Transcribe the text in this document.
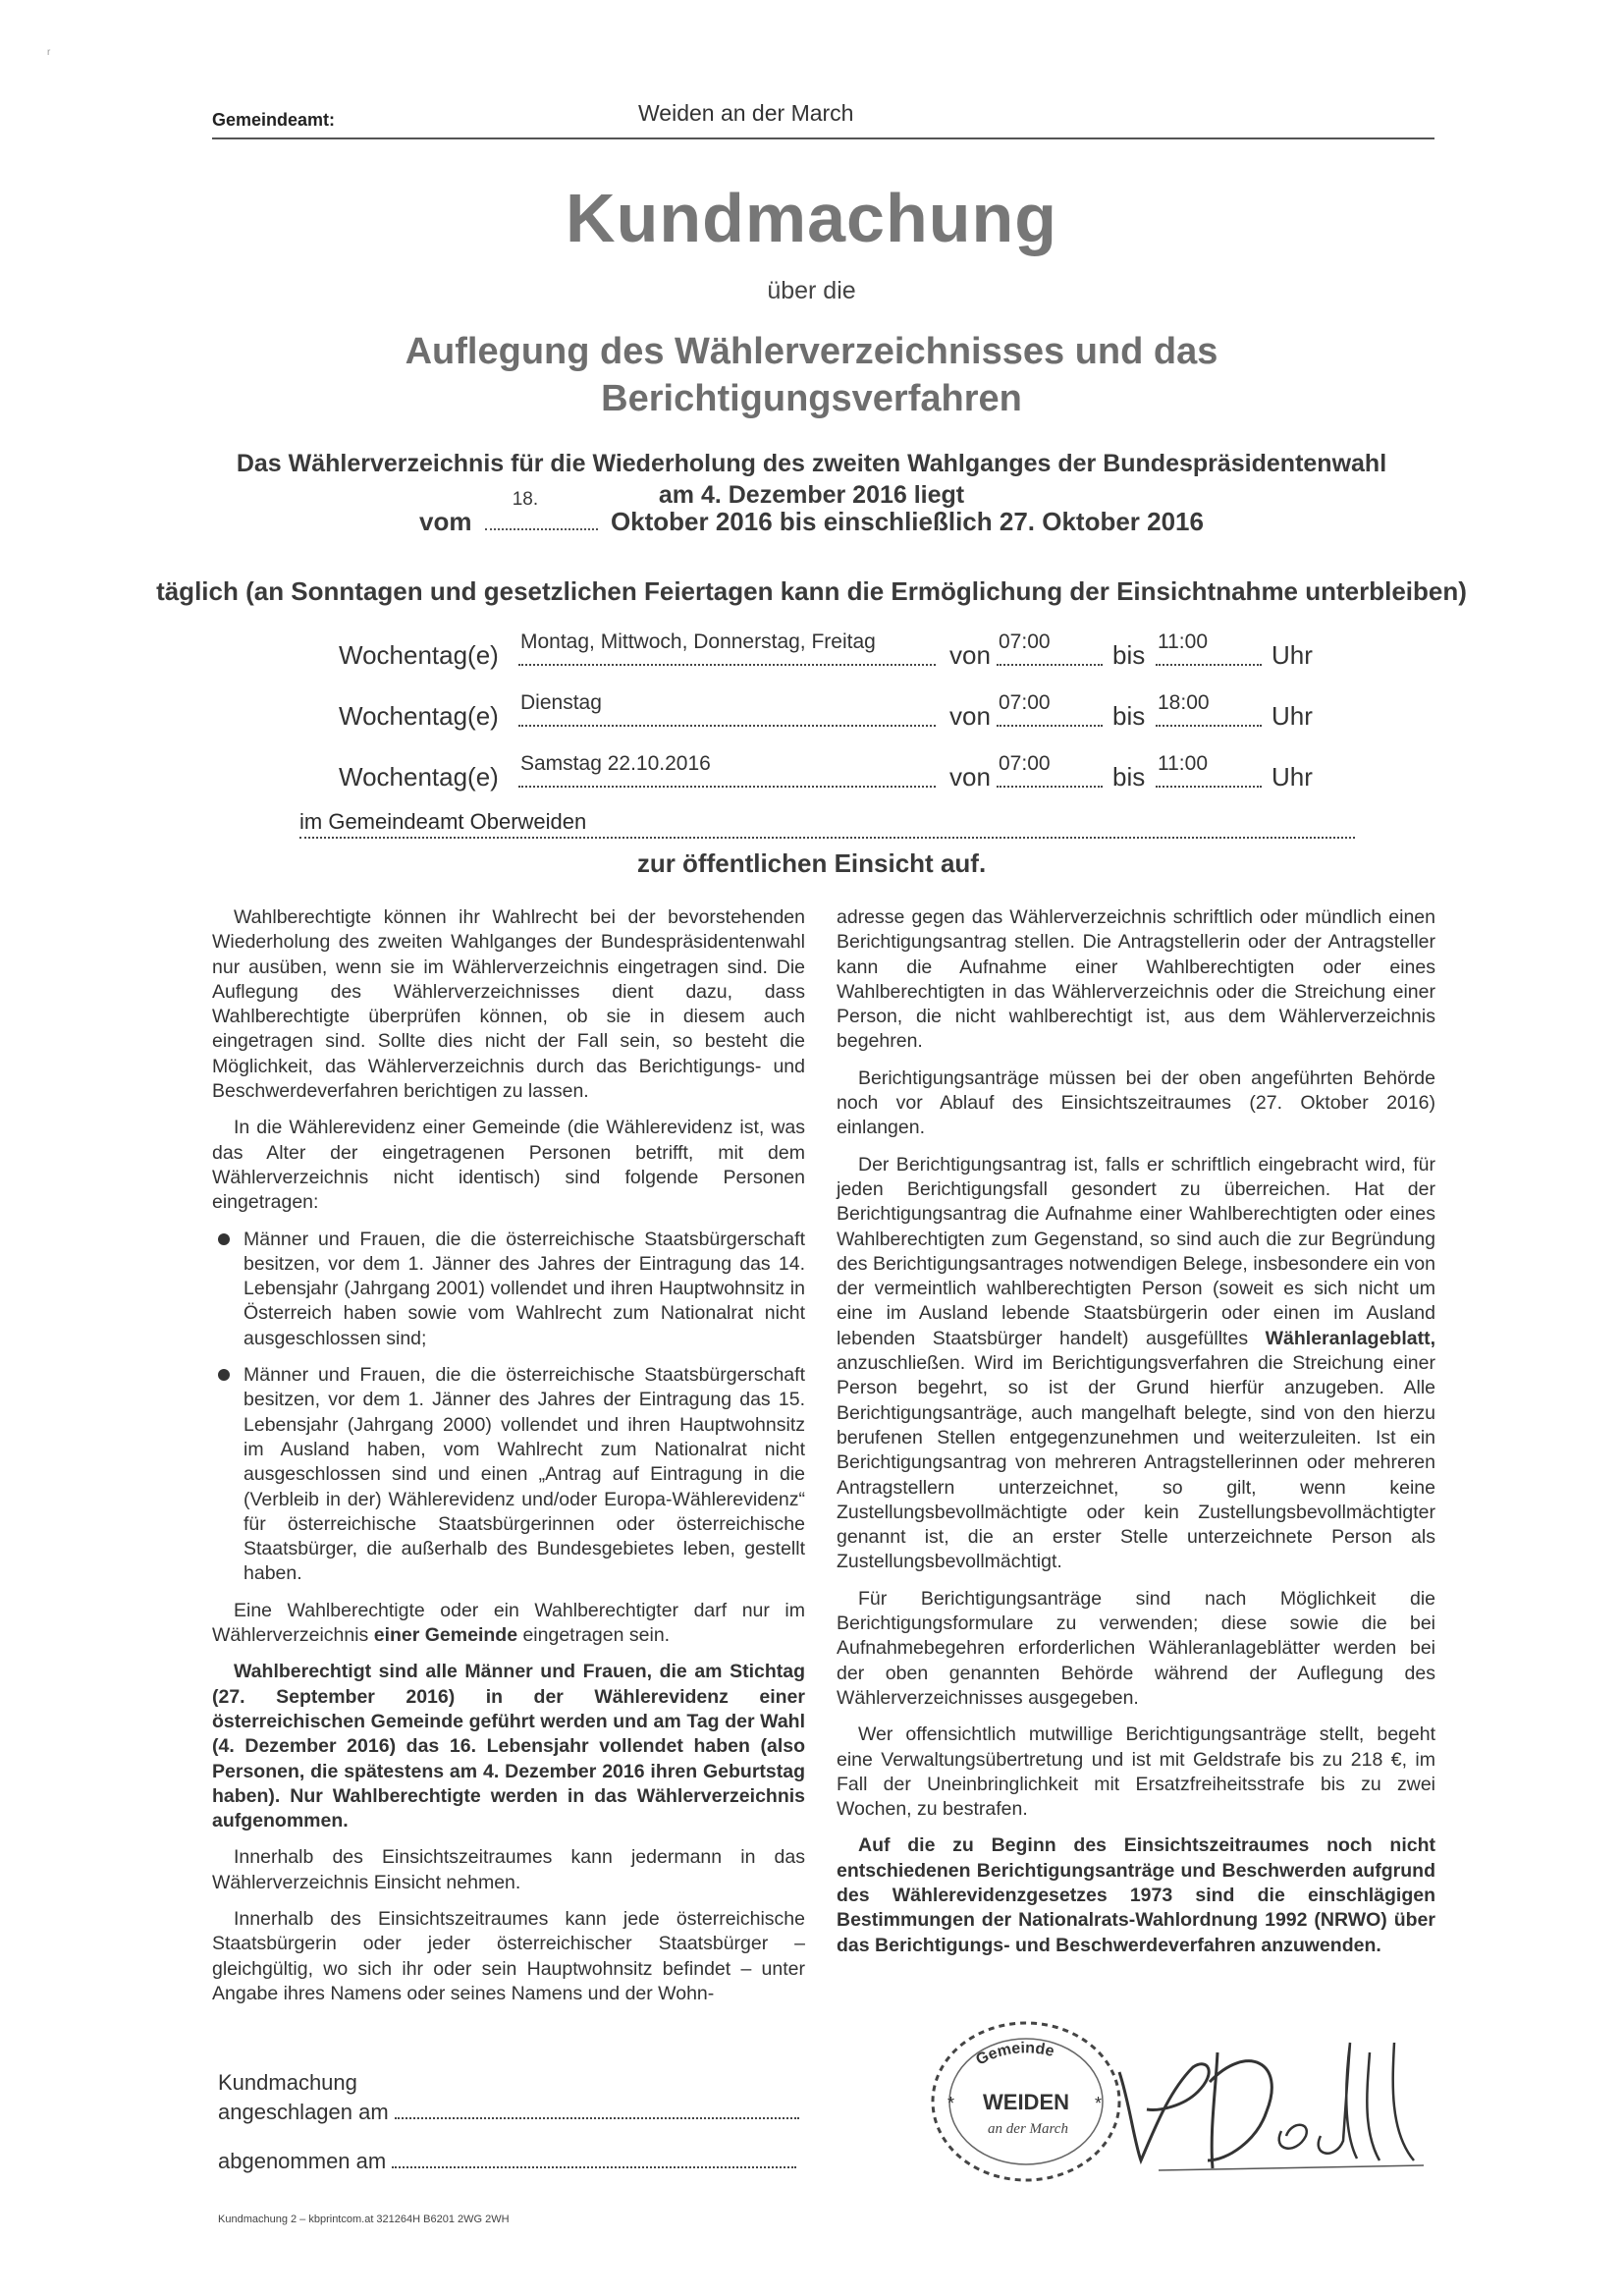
r
Gemeindeamt:	Weiden an der March
Kundmachung
über die
Auflegung des Wählerverzeichnisses und das
Berichtigungsverfahren
Das Wählerverzeichnis für die Wiederholung des zweiten Wahlganges der Bundespräsidentenwahl
am 4. Dezember 2016 liegt
vom
18.
Oktober 2016 bis einschließlich 27. Oktober 2016
täglich (an Sonntagen und gesetzlichen Feiertagen kann die Ermöglichung der Einsichtnahme unterbleiben)
Wochentag(e) Montag, Mittwoch, Donnerstag, Freitag	von 07:00 bis 11:00	Uhr
Wochentag(e) Dienstag	von 07:00 bis 18:00 Uhr
Wochentag(e) Samstag 22.10.2016	von 07:00 bis 11:00	Uhr
im Gemeindeamt Oberweiden
zur öffentlichen Einsicht auf.

Wahlberechtigte können ihr Wahlrecht bei der bevorstehenden Wiederholung des zweiten Wahlganges der Bundespräsidentenwahl nur ausüben, wenn sie im Wählerverzeichnis eingetragen sind. Die Auflegung des Wählerverzeichnisses dient dazu, dass Wahlberechtigte überprüfen können, ob sie in diesem auch eingetragen sind. Sollte dies nicht der Fall sein, so besteht die Möglichkeit, das Wählerverzeichnis durch das Berichtigungs- und Beschwerdeverfahren berichtigen zu lassen.

In die Wählerevidenz einer Gemeinde (die Wählerevidenz ist, was das Alter der eingetragenen Personen betrifft, mit dem Wählerverzeichnis nicht identisch) sind folgende Personen eingetragen:

Männer und Frauen, die die österreichische Staatsbürgerschaft besitzen, vor dem 1. Jänner des Jahres der Eintragung das 14. Lebensjahr (Jahrgang 2001) vollendet und ihren Hauptwohnsitz in Österreich haben sowie vom Wahlrecht zum Nationalrat nicht ausgeschlossen sind;
Männer und Frauen, die die österreichische Staatsbürgerschaft besitzen, vor dem 1. Jänner des Jahres der Eintragung das 15. Lebensjahr (Jahrgang 2000) vollendet und ihren Hauptwohnsitz im Ausland haben, vom Wahlrecht zum Nationalrat nicht ausgeschlossen sind und einen „Antrag auf Eintragung in die (Verbleib in der) Wählerevidenz und/oder Europa-Wählerevidenz“ für österreichische Staatsbürgerinnen oder österreichische Staatsbürger, die außerhalb des Bundesgebietes leben, gestellt haben.

Eine Wahlberechtigte oder ein Wahlberechtigter darf nur im Wählerverzeichnis einer Gemeinde eingetragen sein.

Wahlberechtigt sind alle Männer und Frauen, die am Stichtag (27. September 2016) in der Wählerevidenz einer österreichischen Gemeinde geführt werden und am Tag der Wahl (4. Dezember 2016) das 16. Lebensjahr vollendet haben (also Personen, die spätestens am 4. Dezember 2016 ihren Geburtstag haben). Nur Wahlberechtigte werden in das Wählerverzeichnis aufgenommen.

Innerhalb des Einsichtszeitraumes kann jedermann in das Wählerverzeichnis Einsicht nehmen.

Innerhalb des Einsichtszeitraumes kann jede österreichische Staatsbürgerin oder jeder österreichischer Staatsbürger – gleichgültig, wo sich ihr oder sein Hauptwohnsitz befindet – unter Angabe ihres Namens oder seines Namens und der Wohn-

adresse gegen das Wählerverzeichnis schriftlich oder mündlich einen Berichtigungsantrag stellen. Die Antragstellerin oder der Antragsteller kann die Aufnahme einer Wahlberechtigten oder eines Wahlberechtigten in das Wählerverzeichnis oder die Streichung einer Person, die nicht wahlberechtigt ist, aus dem Wählerverzeichnis begehren.

Berichtigungsanträge müssen bei der oben angeführten Behörde noch vor Ablauf des Einsichtszeitraumes (27. Oktober 2016) einlangen.

Der Berichtigungsantrag ist, falls er schriftlich eingebracht wird, für jeden Berichtigungsfall gesondert zu überreichen. Hat der Berichtigungsantrag die Aufnahme einer Wahlberechtigten oder eines Wahlberechtigten zum Gegenstand, so sind auch die zur Begründung des Berichtigungsantrages notwendigen Belege, insbesondere ein von der vermeintlich wahlberechtigten Person (soweit es sich nicht um eine im Ausland lebende Staatsbürgerin oder einen im Ausland lebenden Staatsbürger handelt) ausgefülltes Wähleranlageblatt, anzuschließen. Wird im Berichtigungsverfahren die Streichung einer Person begehrt, so ist der Grund hierfür anzugeben. Alle Berichtigungsanträge, auch mangelhaft belegte, sind von den hierzu berufenen Stellen entgegenzunehmen und weiterzuleiten. Ist ein Berichtigungsantrag von mehreren Antragstellerinnen oder mehreren Antragstellern unterzeichnet, so gilt, wenn keine Zustellungsbevollmächtigte oder kein Zustellungsbevollmächtigter genannt ist, die an erster Stelle unterzeichnete Person als Zustellungsbevollmächtigt.

Für Berichtigungsanträge sind nach Möglichkeit die Berichtigungsformulare zu verwenden; diese sowie die bei Aufnahmebegehren erforderlichen Wähleranlageblätter werden bei der oben genannten Behörde während der Auflegung des Wählerverzeichnisses ausgegeben.

Wer offensichtlich mutwillige Berichtigungsanträge stellt, begeht eine Verwaltungsübertretung und ist mit Geldstrafe bis zu 218 €, im Fall der Uneinbringlichkeit mit Ersatzfreiheitsstrafe bis zu zwei Wochen, zu bestrafen.

Auf die zu Beginn des Einsichtszeitraumes noch nicht entschiedenen Berichtigungsanträge und Beschwerden aufgrund des Wählerevidenzgesetzes 1973 sind die einschlägigen Bestimmungen der Nationalrats-Wahlordnung 1992 (NRWO) über das Berichtigungs- und Beschwerdeverfahren anzuwenden.

Kundmachung
angeschlagen am
abgenommen am
Gemeinde
WEIDEN
an der March
*	*
Kundmachung 2 – kbprintcom.at 321264H B6201 2WG 2WH
